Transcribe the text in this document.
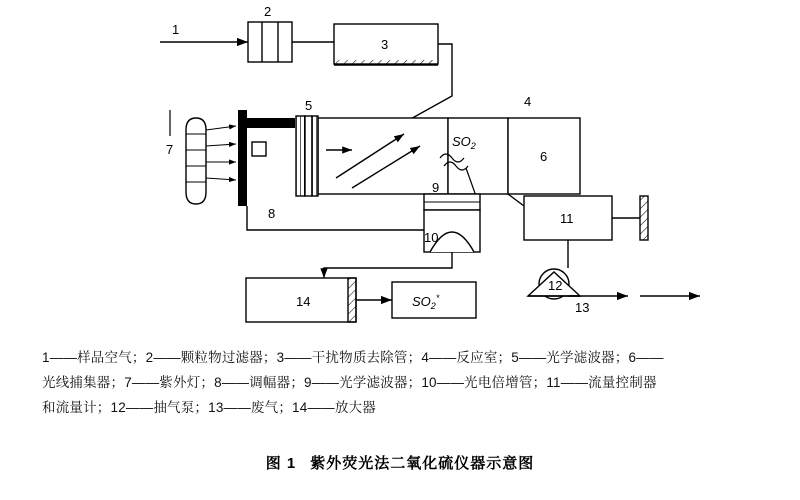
1
2
3
4
5
6
7
8
9
10
11
12
13
14
$SO_2$
$SO_2^*$
1——样品空气；2——颗粒物过滤器；3——干扰物质去除管；4——反应室；5——光学滤波器；6——
光线捕集器；7——紫外灯；8——调幅器；9——光学滤波器；10——光电倍增管；11——流量控制器
和流量计；12——抽气泵；13——废气；14——放大器
图 1 紫外荧光法二氧化硫仪器示意图
